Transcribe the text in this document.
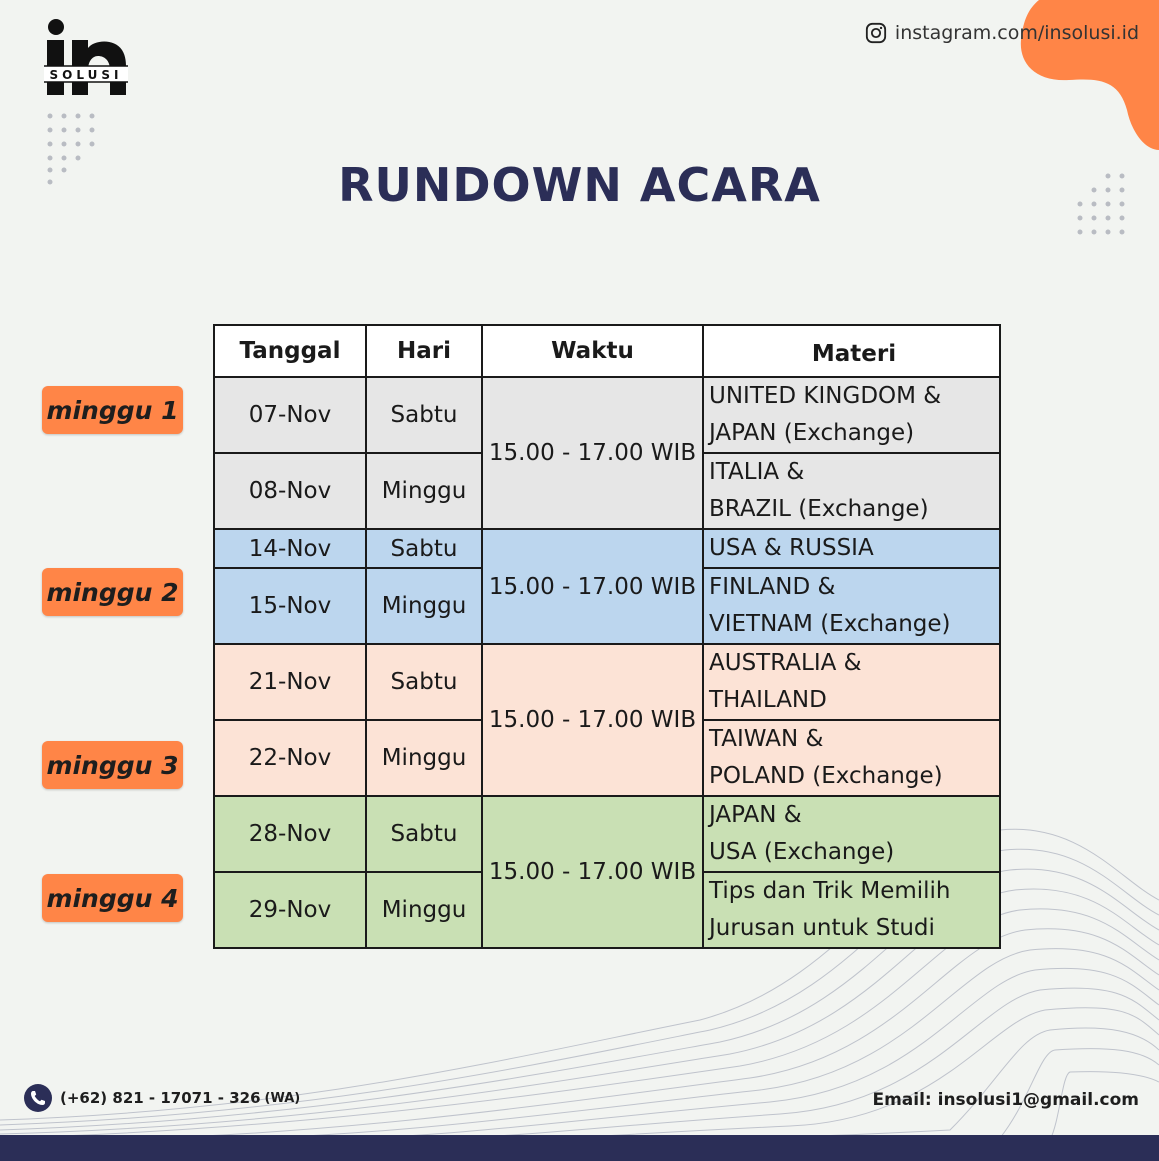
SOLUSI
instagram.com/insolusi.id
RUNDOWN ACARA
minggu 1
minggu 2
minggu 3
minggu 4
Tanggal	Hari	Waktu	Materi
07-Nov	Sabtu	15.00 - 17.00 WIB	UNITED KINGDOM &
JAPAN (Exchange)

08-Nov	Minggu		ITALIA &
BRAZIL (Exchange)

14-Nov	Sabtu	15.00 - 17.00 WIB	USA & RUSSIA

15-Nov	Minggu		FINLAND &
VIETNAM (Exchange)

21-Nov	Sabtu	15.00 - 17.00 WIB	AUSTRALIA &
THAILAND

22-Nov	Minggu		TAIWAN &
POLAND (Exchange)

28-Nov	Sabtu	15.00 - 17.00 WIB	JAPAN &
USA (Exchange)

29-Nov	Minggu		Tips dan Trik Memilih
Jurusan untuk Studi
(+62) 821 - 17071 - 326 (WA)	Email: insolusi1@gmail.com
